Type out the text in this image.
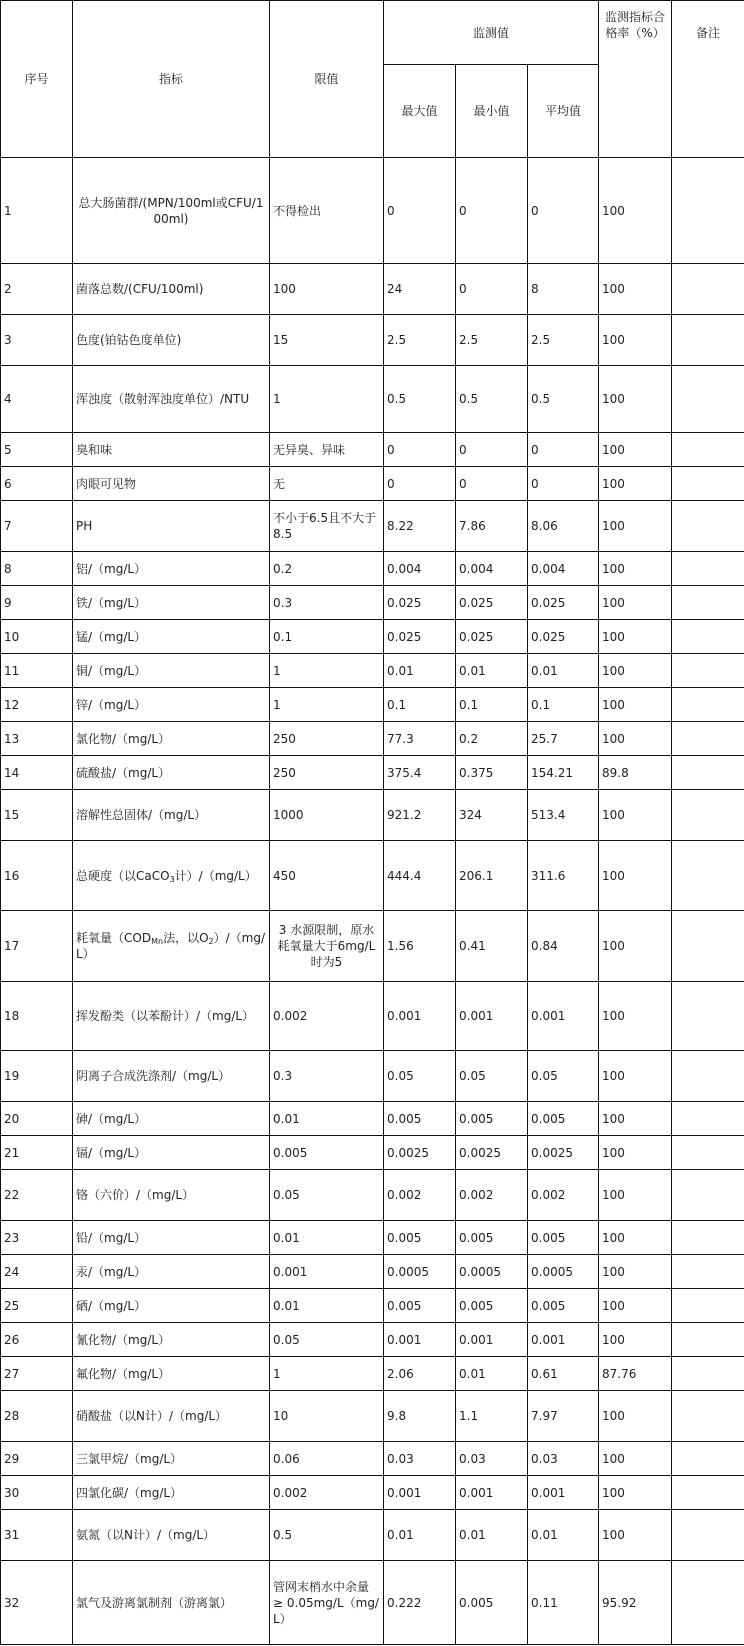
序号	指标	限值	监测值			监测指标合格率（%）	备注
			最大值	最小值	平均值		
1	总大肠菌群/(MPN/100ml或CFU/100ml)	不得检出	0	0	0	100	
2	菌落总数/(CFU/100ml)	100	24	0	8	100	
3	色度(铂钴色度单位)	15	2.5	2.5	2.5	100	
4	浑浊度（散射浑浊度单位）/NTU	1	0.5	0.5	0.5	100	
5	臭和味	无异臭、异味	0	0	0	100	
6	肉眼可见物	无	0	0	0	100	
7	PH	不小于6.5且不大于8.5	8.22	7.86	8.06	100	
8	铝/（mg/L）	0.2	0.004	0.004	0.004	100	
9	铁/（mg/L）	0.3	0.025	0.025	0.025	100	
10	锰/（mg/L）	0.1	0.025	0.025	0.025	100	
11	铜/（mg/L）	1	0.01	0.01	0.01	100	
12	锌/（mg/L）	1	0.1	0.1	0.1	100	
13	氯化物/（mg/L）	250	77.3	0.2	25.7	100	
14	硫酸盐/（mg/L）	250	375.4	0.375	154.21	89.8	
15	溶解性总固体/（mg/L）	1000	921.2	324	513.4	100	
16	总硬度（以CaCO$_3$计）/（mg/L）	450	444.4	206.1	311.6	100	
17	耗氧量（$COD_{Mn}$法，以$O_2)/(mg/L)$	3 水源限制，原水耗氧量大于6mg/L时为5	1.56	0.41	0.84	100	
18	挥发酚类（以苯酚计）/（mg/L）	0.002	0.001	0.001	0.001	100	
19	阴离子合成洗涤剂/（mg/L）	0.3	0.05	0.05	0.05	100	
20	砷/（mg/L）	0.01	0.005	0.005	0.005	100	
21	镉/（mg/L）	0.005	0.0025	0.0025	0.0025	100	
22	铬（六价）/（mg/L）	0.05	0.002	0.002	0.002	100	
23	铅/（mg/L）	0.01	0.005	0.005	0.005	100	
24	汞/（mg/L）	0.001	0.0005	0.0005	0.0005	100	
25	硒/（mg/L）	0.01	0.005	0.005	0.005	100	
26	氰化物/（mg/L）	0.05	0.001	0.001	0.001	100	
27	氟化物/（mg/L）	1	2.06	0.01	0.61	87.76	
28	硝酸盐（以N计）/（mg/L）	10	9.8	1.1	7.97	100	
29	三氯甲烷/（mg/L）	0.06	0.03	0.03	0.03	100	
30	四氯化碳/（mg/L）	0.002	0.001	0.001	0.001	100	
31	氨氮（以N计）/（mg/L）	0.5	0.01	0.01	0.01	100	
32	氯气及游离氯制剂（游离氯）	管网末梢水中余量 ≥ 0.05mg/L（mg/L）	0.222	0.005	0.11	95.92	
